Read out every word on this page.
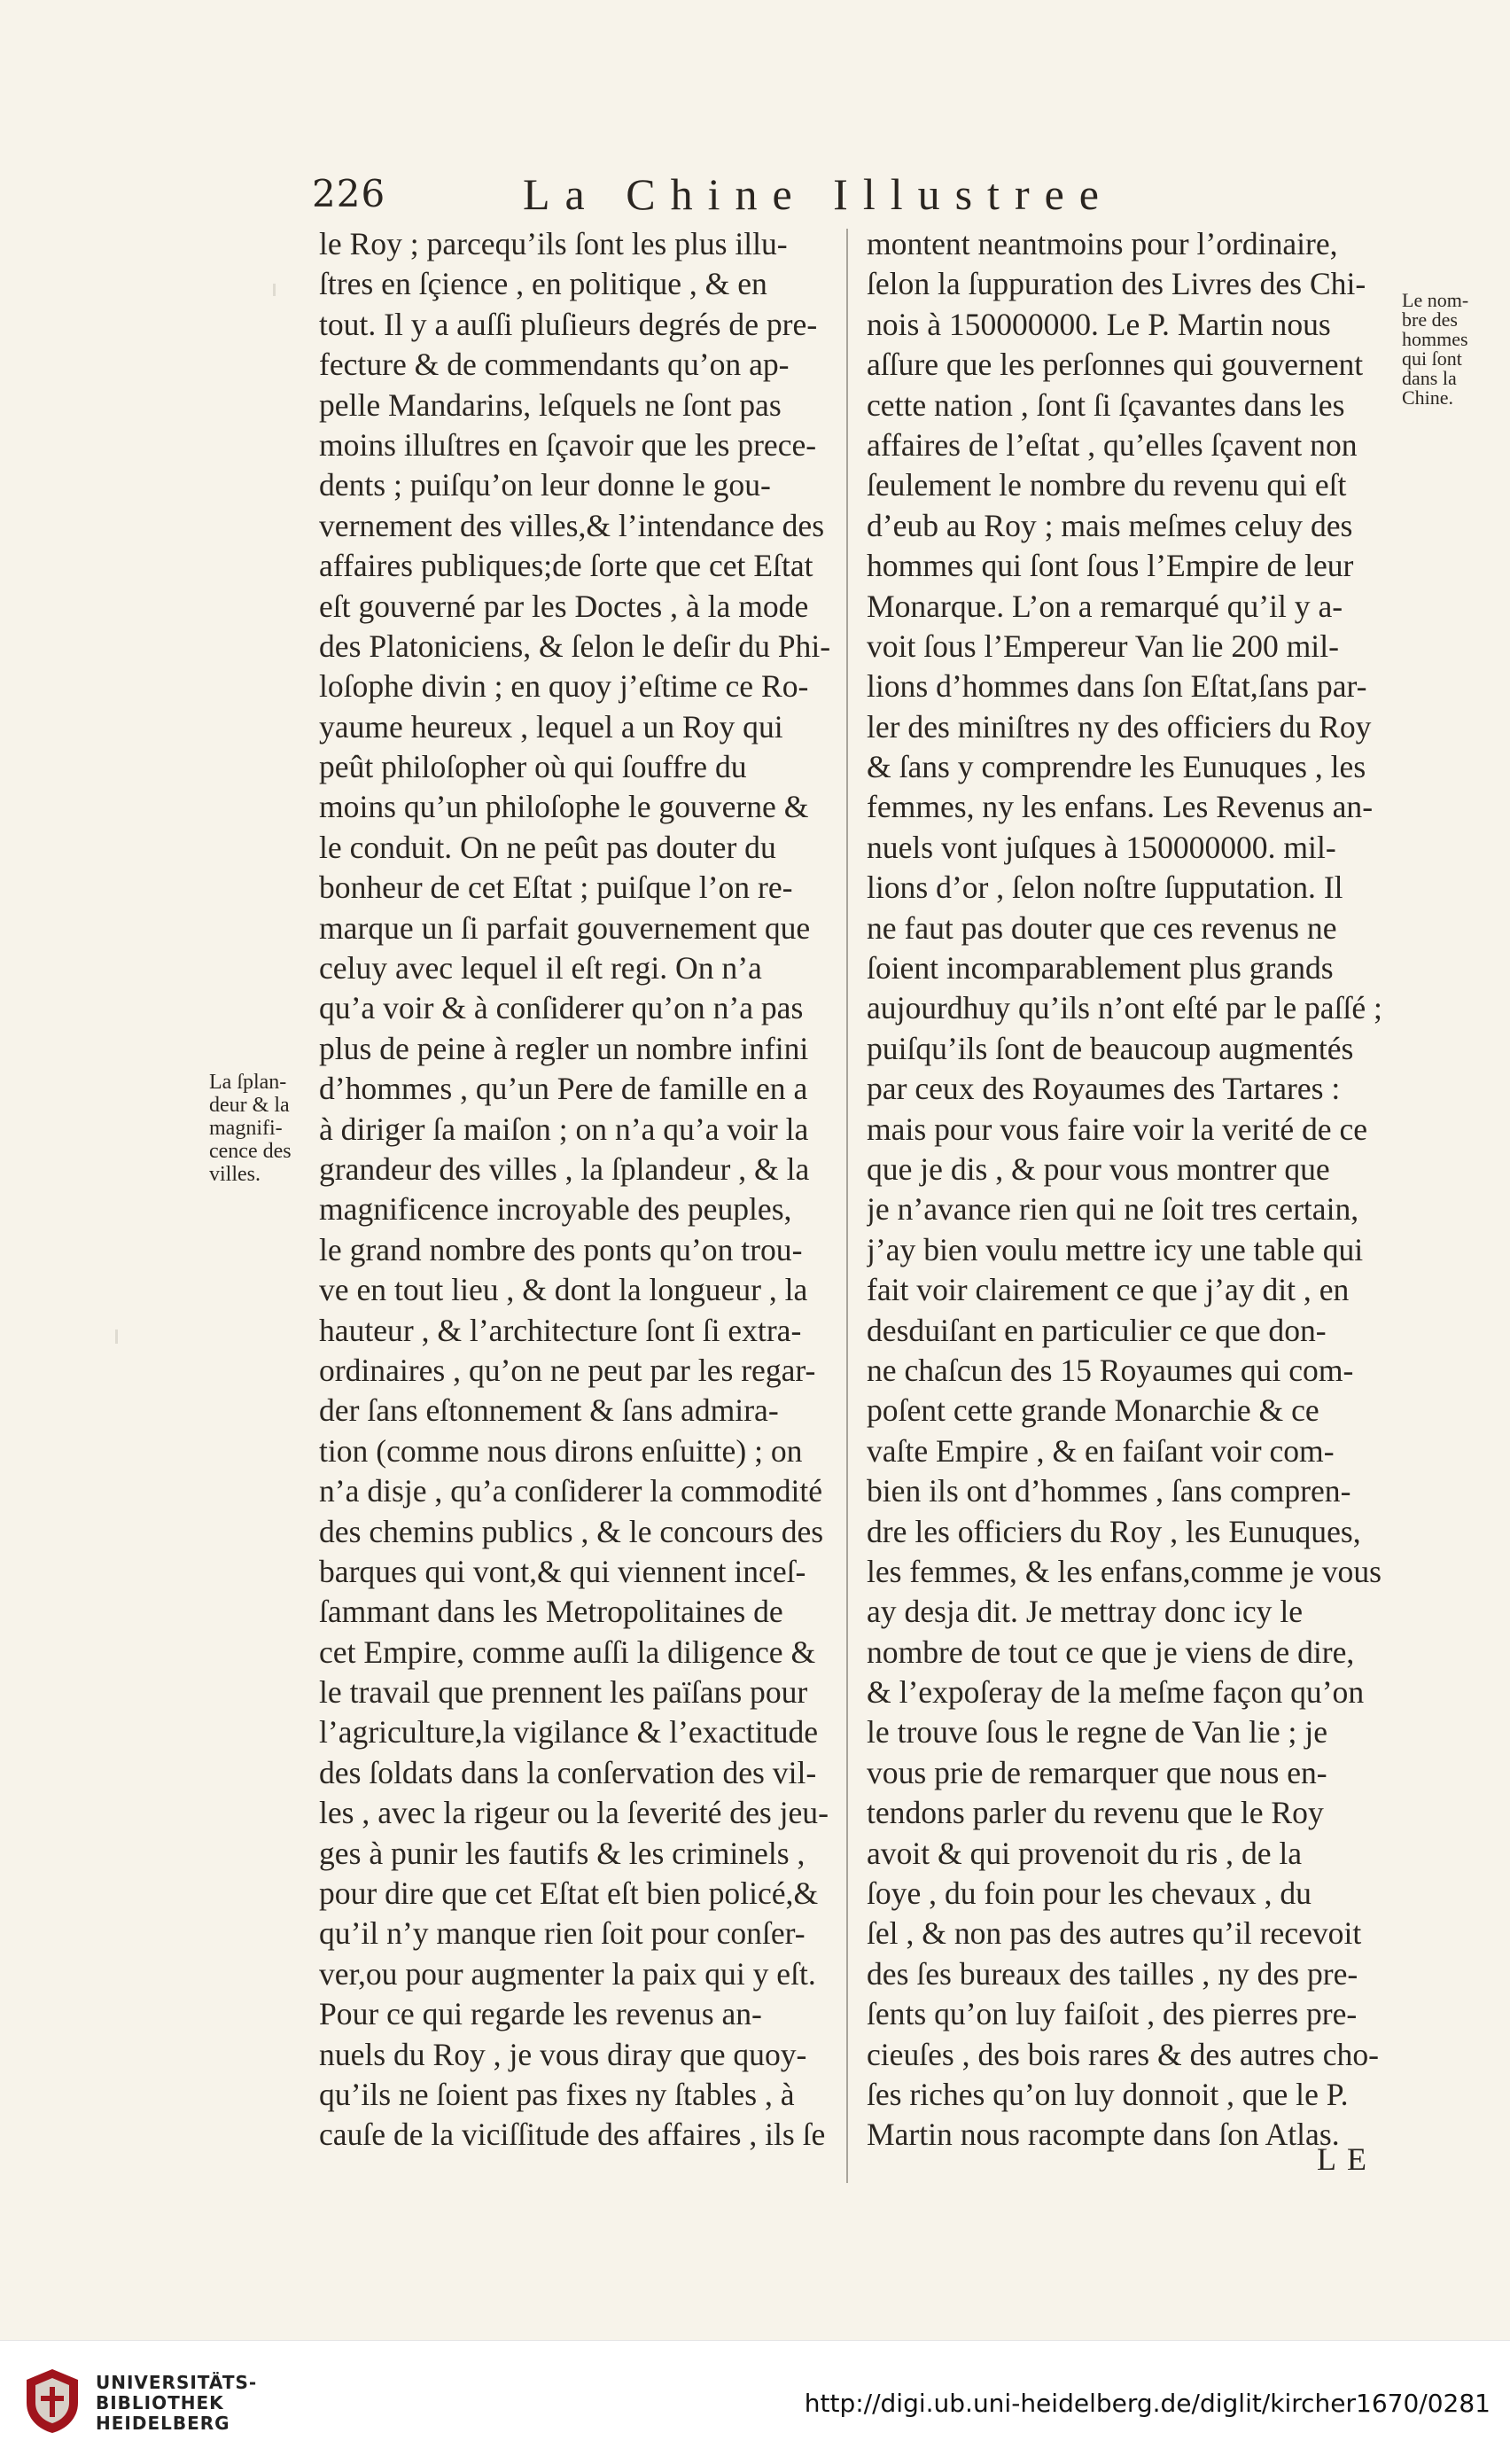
226	La Chine Illustree
le Roy ; parcequ’ils ſont les plus illu-
ſtres en ſçience , en politique , & en
tout. Il y a auſſi pluſieurs degrés de pre-
fecture & de commendants qu’on ap-
pelle Mandarins, leſquels ne ſont pas
moins illuſtres en ſçavoir que les prece-
dents ; puiſqu’on leur donne le gou-
vernement des villes,& l’intendance des
affaires publiques;de ſorte que cet Eſtat
eſt gouverné par les Doctes , à la mode
des Platoniciens, & ſelon le deſir du Phi-
loſophe divin ; en quoy j’eſtime ce Ro-
yaume heureux , lequel a un Roy qui
peût philoſopher où qui ſouffre du
moins qu’un philoſophe le gouverne &
le conduit. On ne peût pas douter du
bonheur de cet Eſtat ; puiſque l’on re-
marque un ſi parfait gouvernement que
celuy avec lequel il eſt regi. On n’a
qu’a voir & à conſiderer qu’on n’a pas
plus de peine à regler un nombre infini
d’hommes , qu’un Pere de famille en a
à diriger ſa maiſon ; on n’a qu’a voir la
grandeur des villes , la ſplandeur , & la
magnificence incroyable des peuples,
le grand nombre des ponts qu’on trou-
ve en tout lieu , & dont la longueur , la
hauteur , & l’architecture ſont ſi extra-
ordinaires , qu’on ne peut par les regar-
der ſans eſtonnement & ſans admira-
tion (comme nous dirons enſuitte) ; on
n’a disje , qu’a conſiderer la commodité
des chemins publics , & le concours des
barques qui vont,& qui viennent inceſ-
ſammant dans les Metropolitaines de
cet Empire, comme auſſi la diligence &
le travail que prennent les païſans pour
l’agriculture,la vigilance & l’exactitude
des ſoldats dans la conſervation des vil-
les , avec la rigeur ou la ſeverité des jeu-
ges à punir les fautifs & les criminels ,
pour dire que cet Eſtat eſt bien policé,&
qu’il n’y manque rien ſoit pour conſer-
ver,ou pour augmenter la paix qui y eſt.
Pour ce qui regarde les revenus an-
nuels du Roy , je vous diray que quoy-
qu’ils ne ſoient pas fixes ny ſtables , à
cauſe de la viciſſitude des affaires , ils ſe
montent neantmoins pour l’ordinaire,
ſelon la ſuppuration des Livres des Chi-
nois à 150000000. Le P. Martin nous
aſſure que les perſonnes qui gouvernent
cette nation , ſont ſi ſçavantes dans les
affaires de l’eſtat , qu’elles ſçavent non
ſeulement le nombre du revenu qui eſt
d’eub au Roy ; mais meſmes celuy des
hommes qui ſont ſous l’Empire de leur
Monarque. L’on a remarqué qu’il y a-
voit ſous l’Empereur Van lie 200 mil-
lions d’hommes dans ſon Eſtat,ſans par-
ler des miniſtres ny des officiers du Roy
& ſans y comprendre les Eunuques , les
femmes, ny les enfans. Les Revenus an-
nuels vont juſques à 150000000. mil-
lions d’or , ſelon noſtre ſupputation. Il
ne faut pas douter que ces revenus ne
ſoient incomparablement plus grands
aujourdhuy qu’ils n’ont eſté par le paſſé ;
puiſqu’ils ſont de beaucoup augmentés
par ceux des Royaumes des Tartares :
mais pour vous faire voir la verité de ce
que je dis , & pour vous montrer que
je n’avance rien qui ne ſoit tres certain,
j’ay bien voulu mettre icy une table qui
fait voir clairement ce que j’ay dit , en
desduiſant en particulier ce que don-
ne chaſcun des 15 Royaumes qui com-
poſent cette grande Monarchie & ce
vaſte Empire , & en faiſant voir com-
bien ils ont d’hommes , ſans compren-
dre les officiers du Roy , les Eunuques,
les femmes, & les enfans,comme je vous
ay desja dit. Je mettray donc icy le
nombre de tout ce que je viens de dire,
& l’expoſeray de la meſme façon qu’on
le trouve ſous le regne de Van lie ; je
vous prie de remarquer que nous en-
tendons parler du revenu que le Roy
avoit & qui provenoit du ris , de la
ſoye , du foin pour les chevaux , du
ſel , & non pas des autres qu’il recevoit
des ſes bureaux des tailles , ny des pre-
ſents qu’on luy faiſoit , des pierres pre-
cieuſes , des bois rares & des autres cho-
ſes riches qu’on luy donnoit , que le P.
Martin nous racompte dans ſon Atlas.
La ſplan-
deur & la
magnifi-
cence des
villes.
Le nom-
bre des
hommes
qui ſont
dans la
Chine.
LE
UNIVERSITÄTS-
BIBLIOTHEK
HEIDELBERG
http://digi.ub.uni-heidelberg.de/diglit/kircher1670/0281
